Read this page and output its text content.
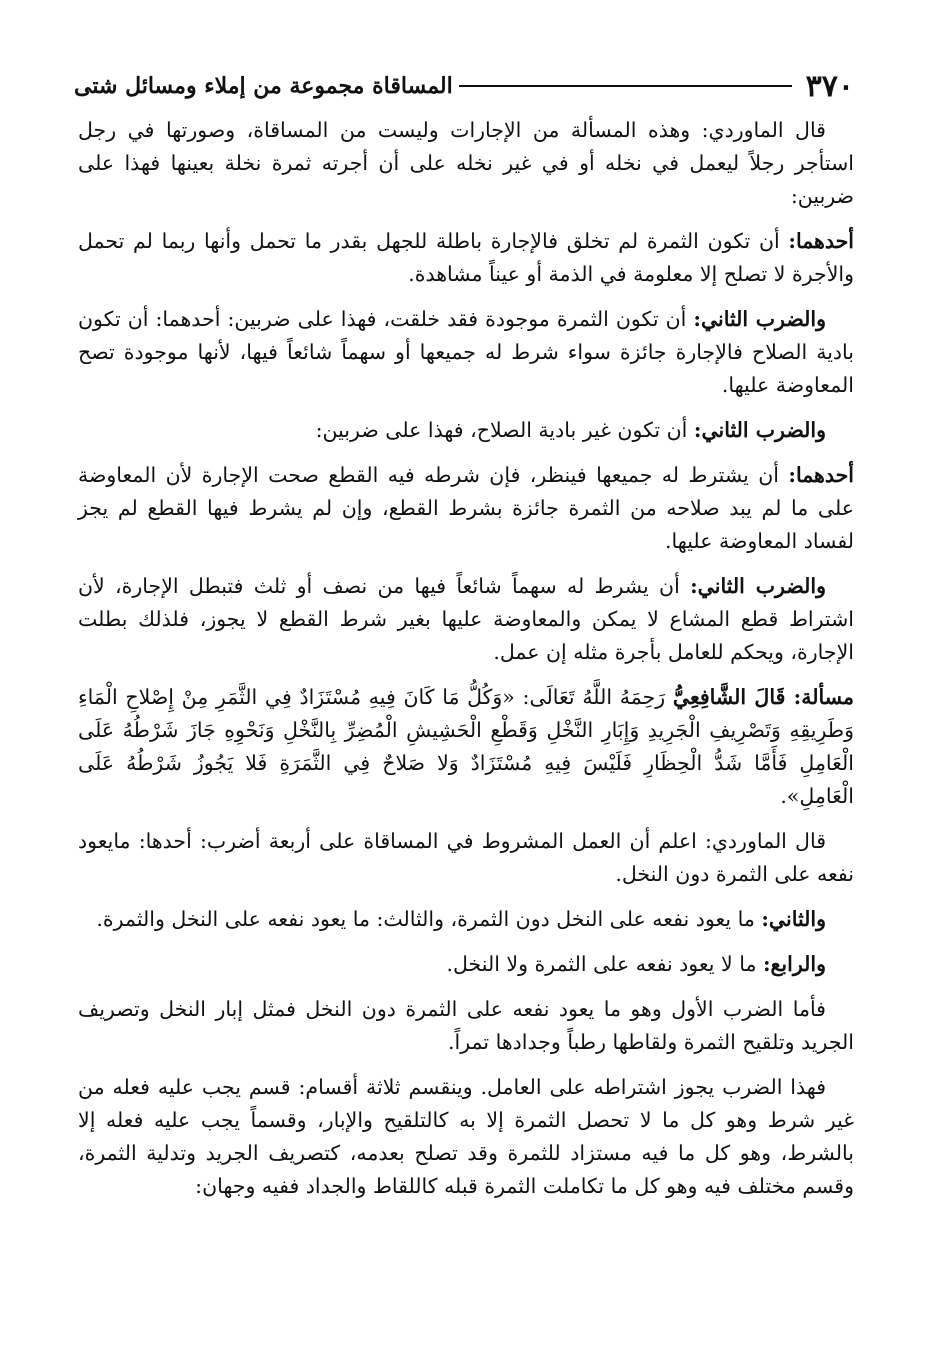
٣٧٠
المساقاة مجموعة من إملاء ومسائل شتى

قال الماوردي: وهذه المسألة من الإجارات وليست من المساقاة، وصورتها في رجل استأجر رجلاً ليعمل في نخله أو في غير نخله على أن أجرته ثمرة نخلة بعينها فهذا على ضربين:

أحدهما: أن تكون الثمرة لم تخلق فالإجارة باطلة للجهل بقدر ما تحمل وأنها ربما لم تحمل والأجرة لا تصلح إلا معلومة في الذمة أو عيناً مشاهدة.

والضرب الثاني: أن تكون الثمرة موجودة فقد خلقت، فهذا على ضربين: أحدهما: أن تكون بادية الصلاح فالإجارة جائزة سواء شرط له جميعها أو سهماً شائعاً فيها، لأنها موجودة تصح المعاوضة عليها.

والضرب الثاني: أن تكون غير بادية الصلاح، فهذا على ضربين:

أحدهما: أن يشترط له جميعها فينظر، فإن شرطه فيه القطع صحت الإجارة لأن المعاوضة على ما لم يبد صلاحه من الثمرة جائزة بشرط القطع، وإن لم يشرط فيها القطع لم يجز لفساد المعاوضة عليها.

والضرب الثاني: أن يشرط له سهماً شائعاً فيها من نصف أو ثلث فتبطل الإجارة، لأن اشتراط قطع المشاع لا يمكن والمعاوضة عليها بغير شرط القطع لا يجوز، فلذلك بطلت الإجارة، ويحكم للعامل بأجرة مثله إن عمل.

مسألة: قَالَ الشَّافِعِيُّ رَحِمَهُ اللَّهُ تَعَالَى: «وَكُلُّ مَا كَانَ فِيهِ مُسْتَزَادٌ فِي الثَّمَرِ مِنْ إِصْلاحِ الْمَاءِ وَطَرِيقِهِ وَتَصْرِيفِ الْجَرِيدِ وَإِبَارِ النَّخْلِ وَقَطْعِ الْحَشِيشِ الْمُضِرِّ بِالنَّخْلِ وَنَحْوِهِ جَازَ شَرْطُهُ عَلَى الْعَامِلِ فَأَمَّا شَدُّ الْحِظَارِ فَلَيْسَ فِيهِ مُسْتَزَادٌ وَلا صَلاحٌ فِي الثَّمَرَةِ فَلا يَجُوزُ شَرْطُهُ عَلَى الْعَامِلِ».

قال الماوردي: اعلم أن العمل المشروط في المساقاة على أربعة أضرب: أحدها: مايعود نفعه على الثمرة دون النخل.

والثاني: ما يعود نفعه على النخل دون الثمرة، والثالث: ما يعود نفعه على النخل والثمرة.

والرابع: ما لا يعود نفعه على الثمرة ولا النخل.

فأما الضرب الأول وهو ما يعود نفعه على الثمرة دون النخل فمثل إبار النخل وتصريف الجريد وتلقيح الثمرة ولقاطها رطباً وجدادها تمراً.

فهذا الضرب يجوز اشتراطه على العامل. وينقسم ثلاثة أقسام: قسم يجب عليه فعله من غير شرط وهو كل ما لا تحصل الثمرة إلا به كالتلقيح والإبار، وقسماً يجب عليه فعله إلا بالشرط، وهو كل ما فيه مستزاد للثمرة وقد تصلح بعدمه، كتصريف الجريد وتدلية الثمرة، وقسم مختلف فيه وهو كل ما تكاملت الثمرة قبله كاللقاط والجداد ففيه وجهان:
